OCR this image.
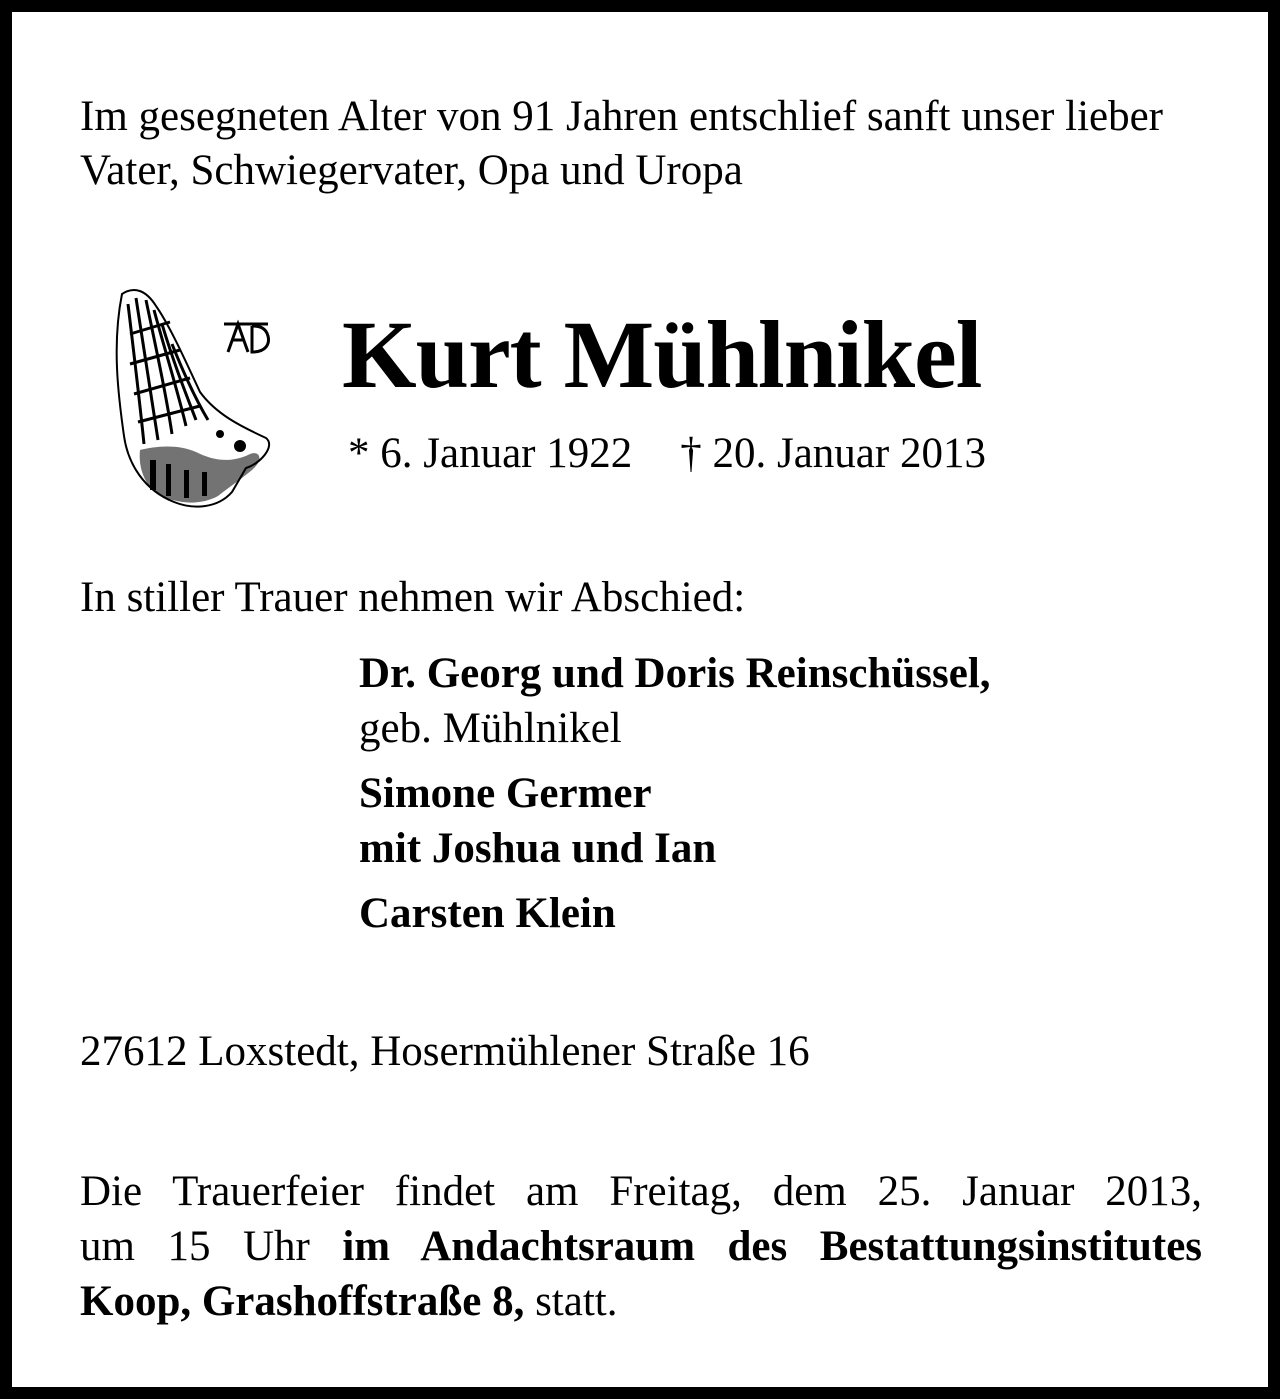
Im gesegneten Alter von 91 Jahren entschlief sanft unser lieber Vater, Schwiegervater, Opa und Uropa

Kurt Mühlnikel
* 6. Januar 1922 † 20. Januar 2013

In stiller Trauer nehmen wir Abschied:

Dr. Georg und Doris Reinschüssel,

geb. Mühlnikel

Simone Germer

mit Joshua und Ian

Carsten Klein

27612 Loxstedt, Hosermühlener Straße 16

Die Trauerfeier findet am Freitag, dem 25. Januar 2013,
um 15 Uhr im Andachtsraum des Bestattungsinstitutes
Koop, Grashoffstraße 8, statt.
